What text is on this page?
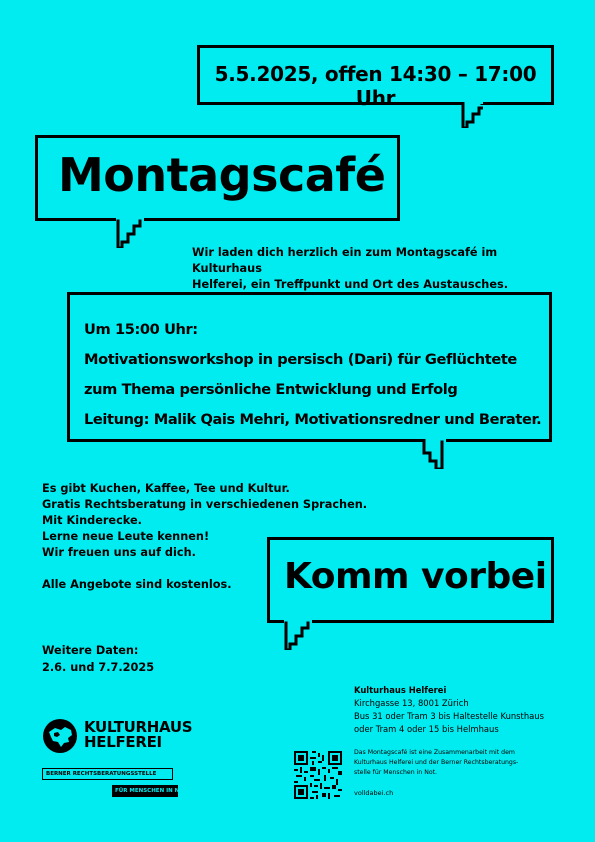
5.5.2025, offen 14:30 – 17:00 Uhr
Montagscafé
Wir laden dich herzlich ein zum Montagscafé im Kulturhaus
Helferei, ein Treffpunkt und Ort des Austausches.
Um 15:00 Uhr:
Motivationsworkshop in persisch (Dari) für Geflüchtete
zum Thema persönliche Entwicklung und Erfolg
Leitung: Malik Qais Mehri, Motivationsredner und Berater.
Es gibt Kuchen, Kaffee, Tee und Kultur.
Gratis Rechtsberatung in verschiedenen Sprachen.
Mit Kinderecke.
Lerne neue Leute kennen!
Wir freuen uns auf dich.
Alle Angebote sind kostenlos.	Komm vorbei
Weitere Daten:
2.6. und 7.7.2025
KULTURHAUS
HELFEREI
BERNER RECHTSBERATUNGSSTELLE
FÜR MENSCHEN IN NOT
Kulturhaus Helferei
Kirchgasse 13, 8001 Zürich
Bus 31 oder Tram 3 bis Haltestelle Kunsthaus
oder Tram 4 oder 15 bis Helmhaus
Das Montagscafé ist eine Zusammenarbeit mit dem
Kulturhaus Helferei und der Berner Rechtsberatungs-
stelle für Menschen in Not.
volldabei.ch
